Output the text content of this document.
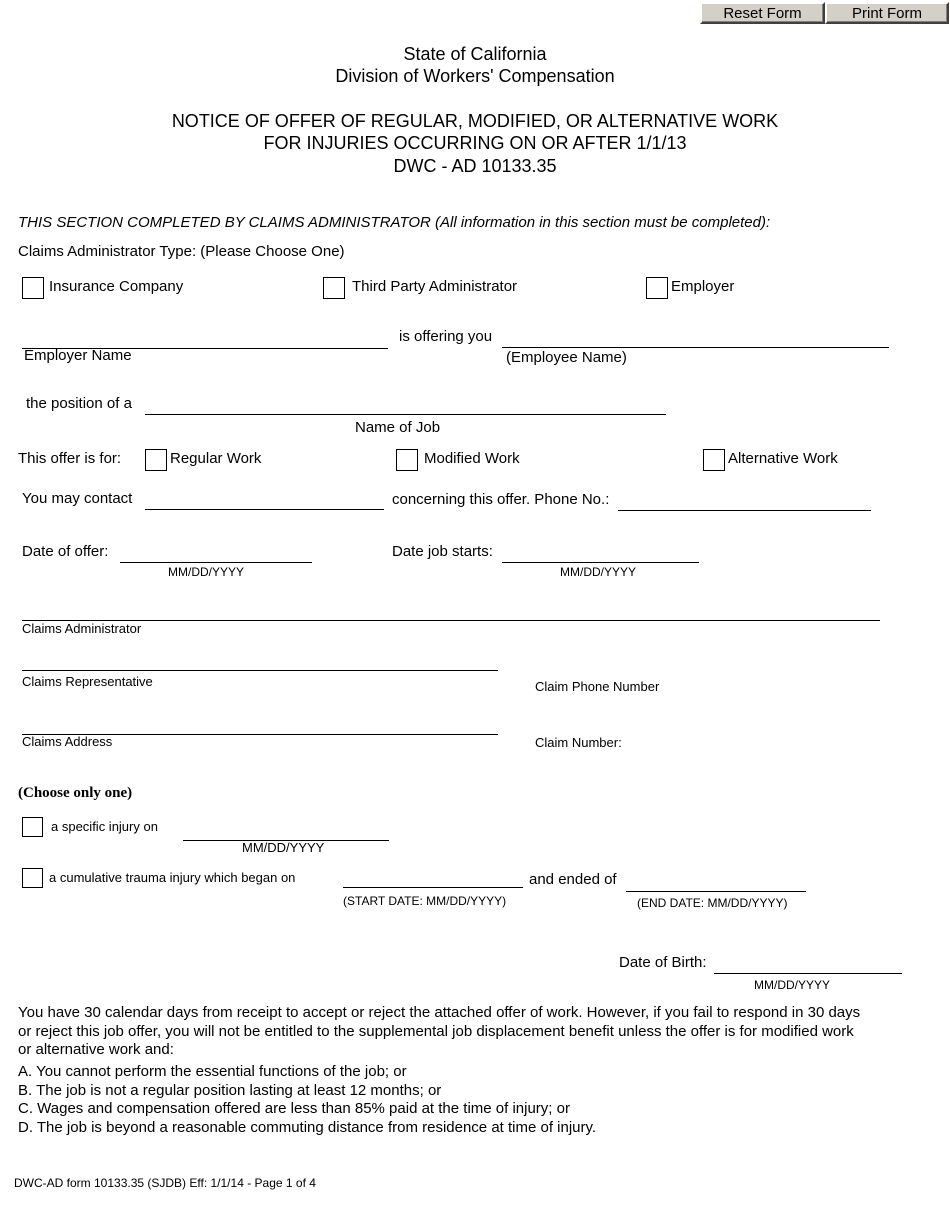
Reset Form	Print Form
State of California
Division of Workers' Compensation
NOTICE OF OFFER OF REGULAR, MODIFIED, OR ALTERNATIVE WORK
FOR INJURIES OCCURRING ON OR AFTER 1/1/13
DWC - AD 10133.35
THIS SECTION COMPLETED BY CLAIMS ADMINISTRATOR (All information in this section must be completed):
Claims Administrator Type: (Please Choose One)
Insurance Company	Third Party Administrator	Employer
Employer Name
is offering you
(Employee Name)
the position of a
Name of Job
This offer is for:	Regular Work	Modified Work	Alternative Work
You may contact	concerning this offer. Phone No.:
Date of offer:
MM/DD/YYYY
Date job starts:
MM/DD/YYYY
Claims Administrator
Claims Representative	Claim Phone Number
Claims Address	Claim Number:
(Choose only one)
a specific injury on
MM/DD/YYYY
a cumulative trauma injury which began on
(START DATE: MM/DD/YYYY)
and ended of
(END DATE: MM/DD/YYYY)
Date of Birth:
MM/DD/YYYY
You have 30 calendar days from receipt to accept or reject the attached offer of work. However, if you fail to respond in 30 days or reject this job offer, you will not be entitled to the supplemental job displacement benefit unless the offer is for modified work or alternative work and:
A. You cannot perform the essential functions of the job; or
B. The job is not a regular position lasting at least 12 months; or
C. Wages and compensation offered are less than 85% paid at the time of injury; or
D. The job is beyond a reasonable commuting distance from residence at time of injury.
DWC-AD form 10133.35 (SJDB) Eff: 1/1/14 - Page 1 of 4
